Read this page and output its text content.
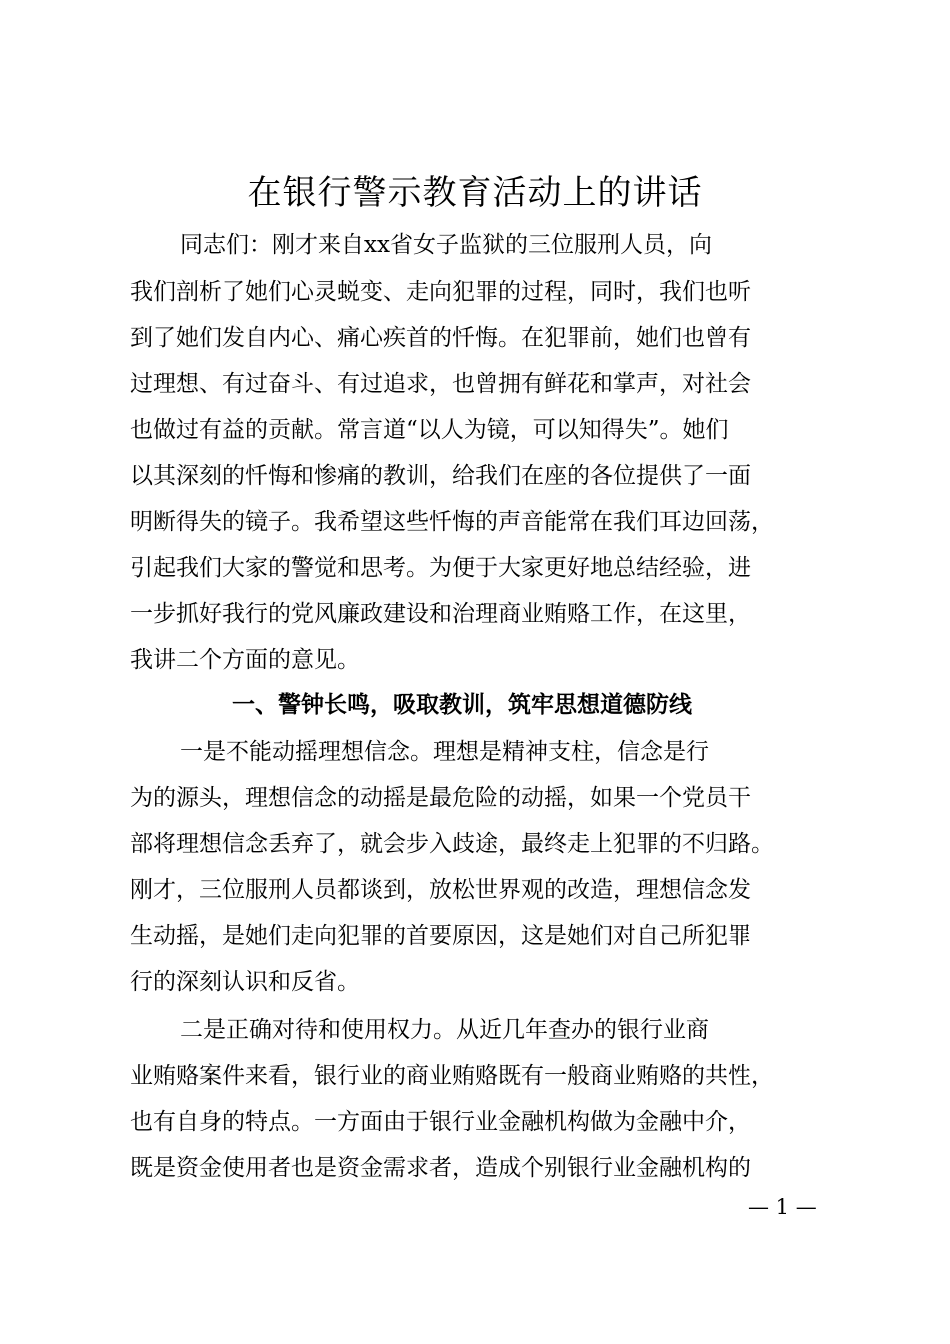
在银行警示教育活动上的讲话
同志们：刚才来自xx省女子监狱的三位服刑人员，向
我们剖析了她们心灵蜕变、走向犯罪的过程，同时，我们也听
到了她们发自内心、痛心疾首的忏悔。在犯罪前，她们也曾有
过理想、有过奋斗、有过追求，也曾拥有鲜花和掌声，对社会
也做过有益的贡献。常言道“以人为镜，可以知得失”。她们
以其深刻的忏悔和惨痛的教训，给我们在座的各位提供了一面
明断得失的镜子。我希望这些忏悔的声音能常在我们耳边回荡，
引起我们大家的警觉和思考。为便于大家更好地总结经验，进
一步抓好我行的党风廉政建设和治理商业贿赂工作，在这里，
我讲二个方面的意见。
一、警钟长鸣，吸取教训，筑牢思想道德防线
一是不能动摇理想信念。理想是精神支柱，信念是行
为的源头，理想信念的动摇是最危险的动摇，如果一个党员干
部将理想信念丢弃了，就会步入歧途，最终走上犯罪的不归路。
刚才，三位服刑人员都谈到，放松世界观的改造，理想信念发
生动摇，是她们走向犯罪的首要原因，这是她们对自己所犯罪
行的深刻认识和反省。
二是正确对待和使用权力。从近几年查办的银行业商
业贿赂案件来看，银行业的商业贿赂既有一般商业贿赂的共性，
也有自身的特点。一方面由于银行业金融机构做为金融中介，
既是资金使用者也是资金需求者，造成个别银行业金融机构的
— 1 —
